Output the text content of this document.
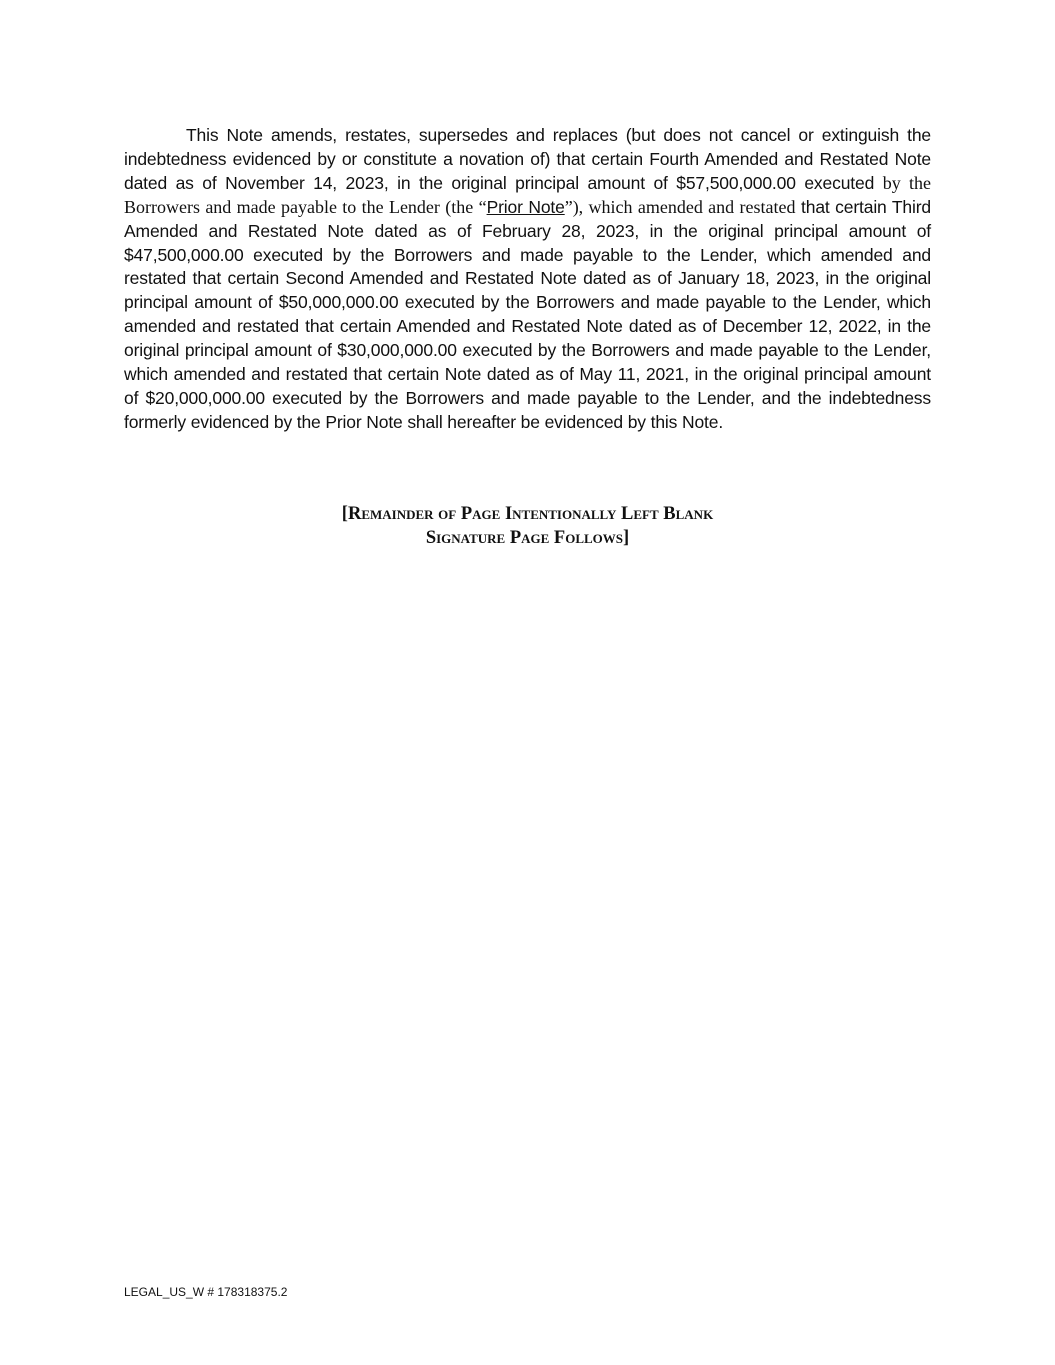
This Note amends, restates, supersedes and replaces (but does not cancel or extinguish the indebtedness evidenced by or constitute a novation of) that certain Fourth Amended and Restated Note dated as of November 14, 2023, in the original principal amount of $57,500,000.00 executed by the Borrowers and made payable to the Lender (the “Prior Note”), which amended and restated that certain Third Amended and Restated Note dated as of February 28, 2023, in the original principal amount of $47,500,000.00 executed by the Borrowers and made payable to the Lender, which amended and restated that certain Second Amended and Restated Note dated as of January 18, 2023, in the original principal amount of $50,000,000.00 executed by the Borrowers and made payable to the Lender, which amended and restated that certain Amended and Restated Note dated as of December 12, 2022, in the original principal amount of $30,000,000.00 executed by the Borrowers and made payable to the Lender, which amended and restated that certain Note dated as of May 11, 2021, in the original principal amount of $20,000,000.00 executed by the Borrowers and made payable to the Lender, and the indebtedness formerly evidenced by the Prior Note shall hereafter be evidenced by this Note.

[Remainder of Page Intentionally Left Blank
Signature Page Follows]
LEGAL_US_W # 178318375.2
